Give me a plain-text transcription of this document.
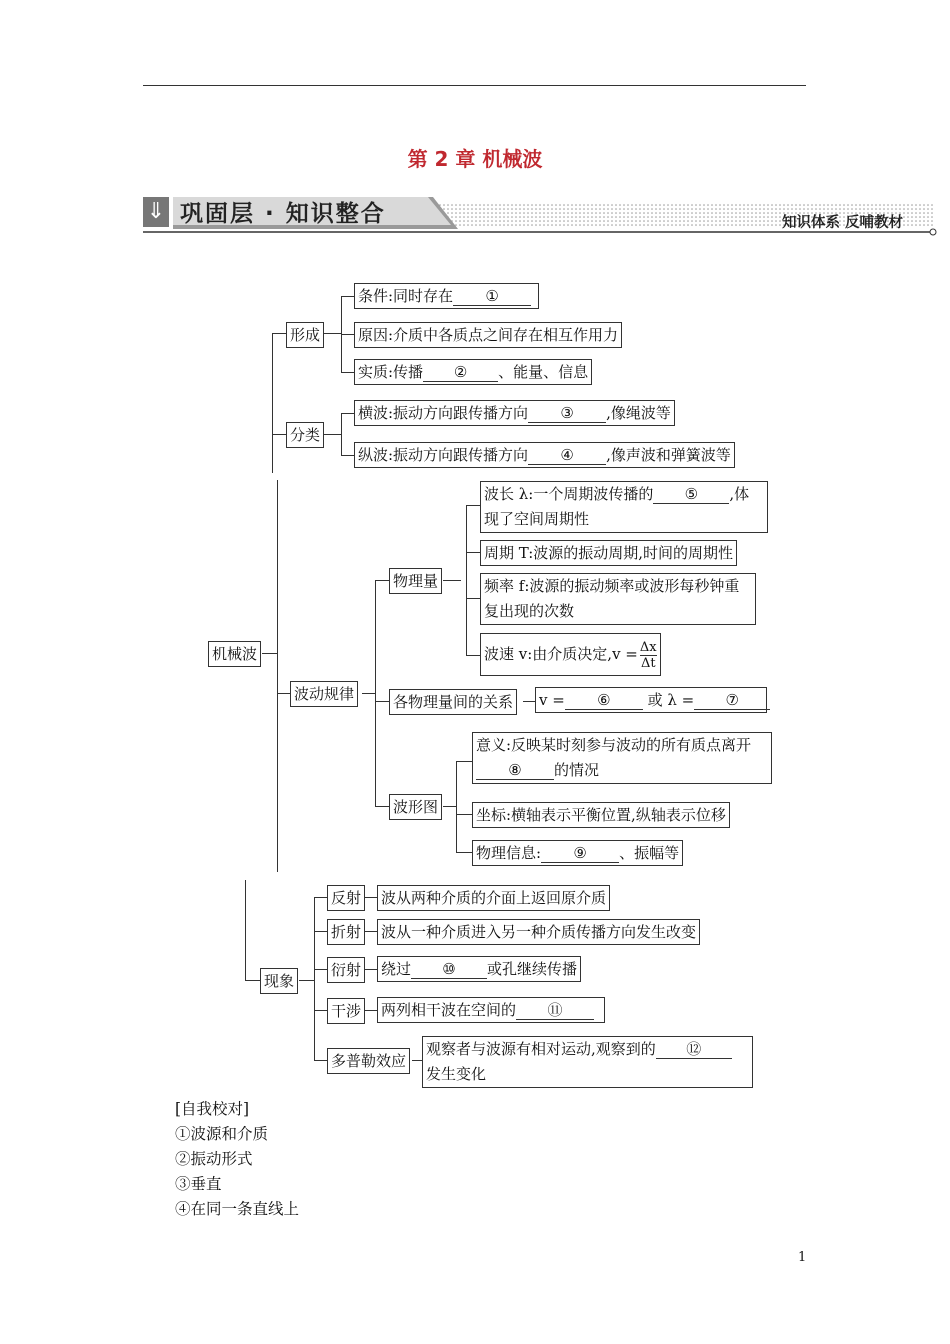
第 2 章 机械波
⇓ 巩固层 · 知识整合	知识体系 反哺教材
机械波
形成
条件:同时存在 ①
原因:介质中各质点之间存在相互作用力
实质:传播 ② 、能量、信息
分类
横波:振动方向跟传播方向 ③ ,像绳波等
纵波:振动方向跟传播方向 ④ ,像声波和弹簧波等
波动规律
物理量
波长 λ:一个周期波传播的 ⑤ ,体现了空间周期性
周期 T:波源的振动周期,时间的周期性
频率 f:波源的振动频率或波形每秒钟重复出现的次数
波速 v:由介质决定$,v = \frac{\Delta x}{\Delta t}$
各物理量间的关系 v = ⑥ 或 λ = ⑦
波形图
意义:反映某时刻参与波动的所有质点离开⑧ 的情况
坐标:横轴表示平衡位置,纵轴表示位移
物理信息: ⑨ 、振幅等
现象
反射 波从两种介质的介面上返回原介质
折射 波从一种介质进入另一种介质传播方向发生改变
衍射 绕过 ⑩ 或孔继续传播
干涉 两列相干波在空间的 ⑪
多普勒效应
观察者与波源有相对运动,观察到的 ⑫
发生变化
[自我校对]
①波源和介质
②振动形式
③垂直
④在同一条直线上
1
